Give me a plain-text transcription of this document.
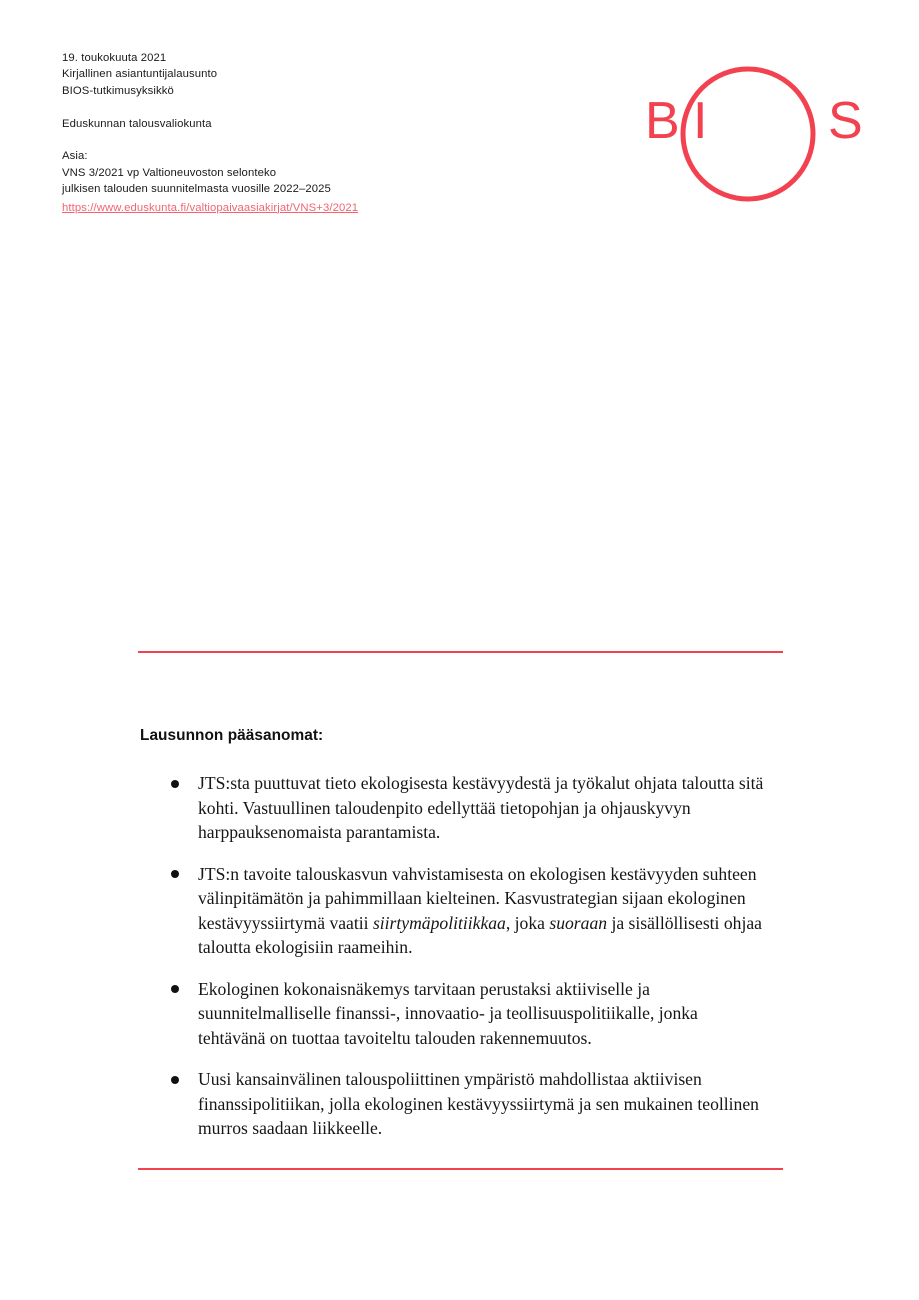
19. toukokuuta 2021
Kirjallinen asiantuntijalausunto
BIOS-tutkimusyksikkö
Eduskunnan talousvaliokunta
Asia:
VNS 3/2021 vp Valtioneuvoston selonteko
julkisen talouden suunnitelmasta vuosille 2022–2025
https://www.eduskunta.fi/valtiopaivaasiakirjat/VNS+3/2021
B I S
Lausunnon pääsanomat:
JTS:sta puuttuvat tieto ekologisesta kestävyydestä ja työkalut ohjata taloutta sitä kohti. Vastuullinen taloudenpito edellyttää tietopohjan ja ohjauskyvyn harppauksenomaista parantamista.
JTS:n tavoite talouskasvun vahvistamisesta on ekologisen kestävyyden suhteen välinpitämätön ja pahimmillaan kielteinen. Kasvustrategian sijaan ekologinen kestävyyssiirtymä vaatii siirtymäpolitiikkaa, joka suoraan ja sisällöllisesti ohjaa taloutta ekologisiin raameihin.
Ekologinen kokonaisnäkemys tarvitaan perustaksi aktiiviselle ja suunnitelmalliselle finanssi-, innovaatio- ja teollisuuspolitiikalle, jonka tehtävänä on tuottaa tavoiteltu talouden rakennemuutos.
Uusi kansainvälinen talouspoliittinen ympäristö mahdollistaa aktiivisen finanssipolitiikan, jolla ekologinen kestävyyssiirtymä ja sen mukainen teollinen murros saadaan liikkeelle.
